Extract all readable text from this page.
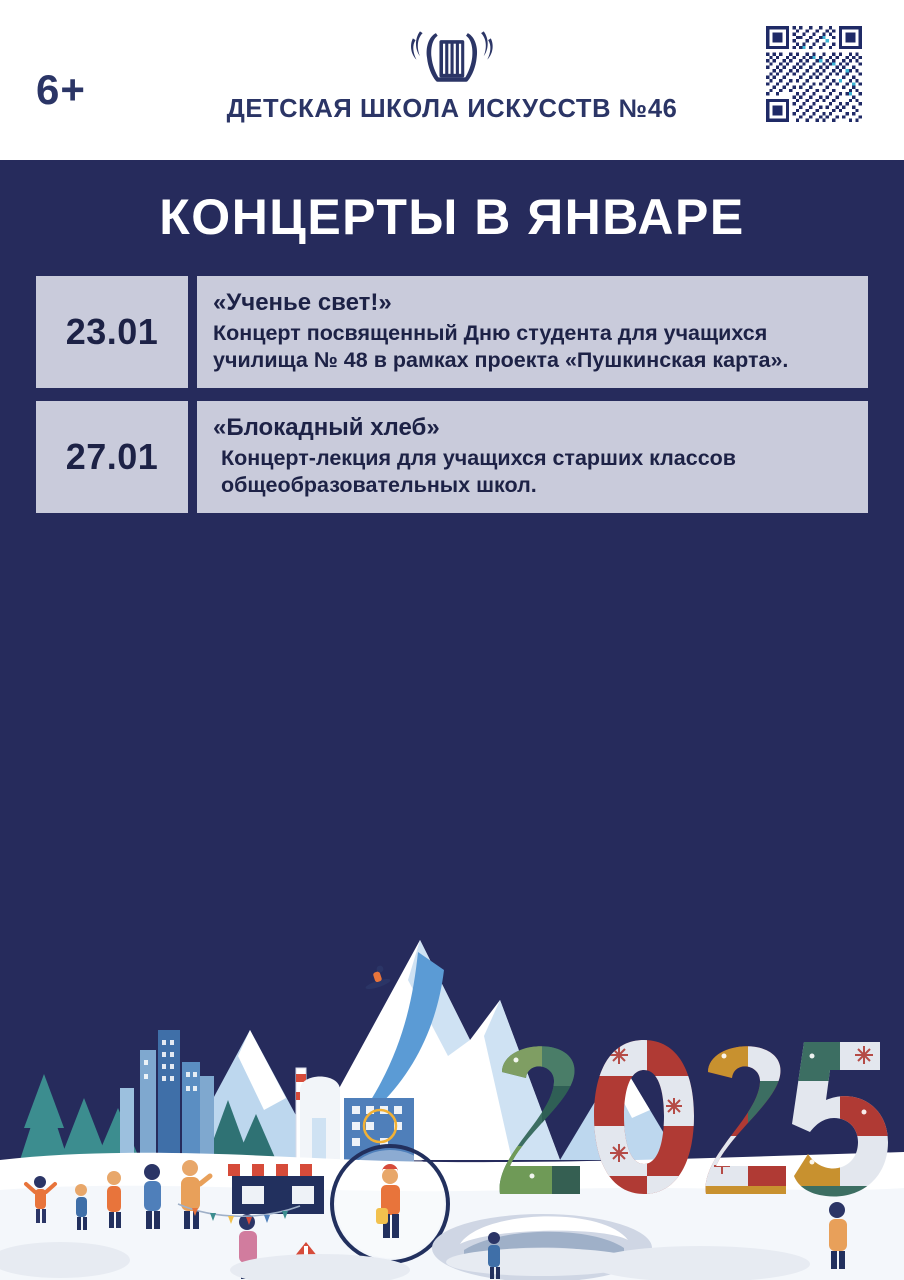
6+	ДЕТСКАЯ ШКОЛА ИСКУССТВ №46
КОНЦЕРТЫ В ЯНВАРЕ
23.01
«Ученье свет!»
Концерт посвященный Дню студента для учащихся училища № 48 в рамках проекта «Пушкинская карта».
27.01
«Блокадный хлеб»
Концерт-лекция для учащихся старших классов общеобразовательных школ.
